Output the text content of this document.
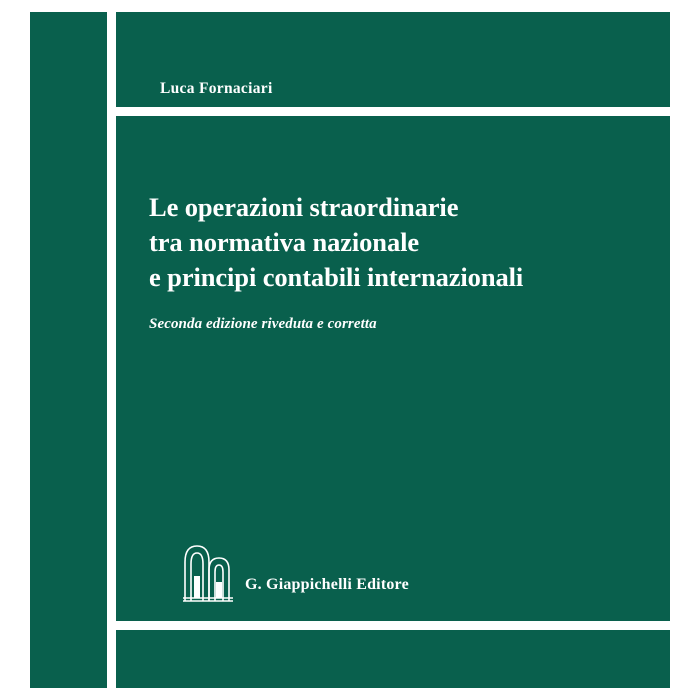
Luca Fornaciari
Le operazioni straordinarie
tra normativa nazionale
e principi contabili internazionali
Seconda edizione riveduta e corretta
G. Giappichelli Editore
